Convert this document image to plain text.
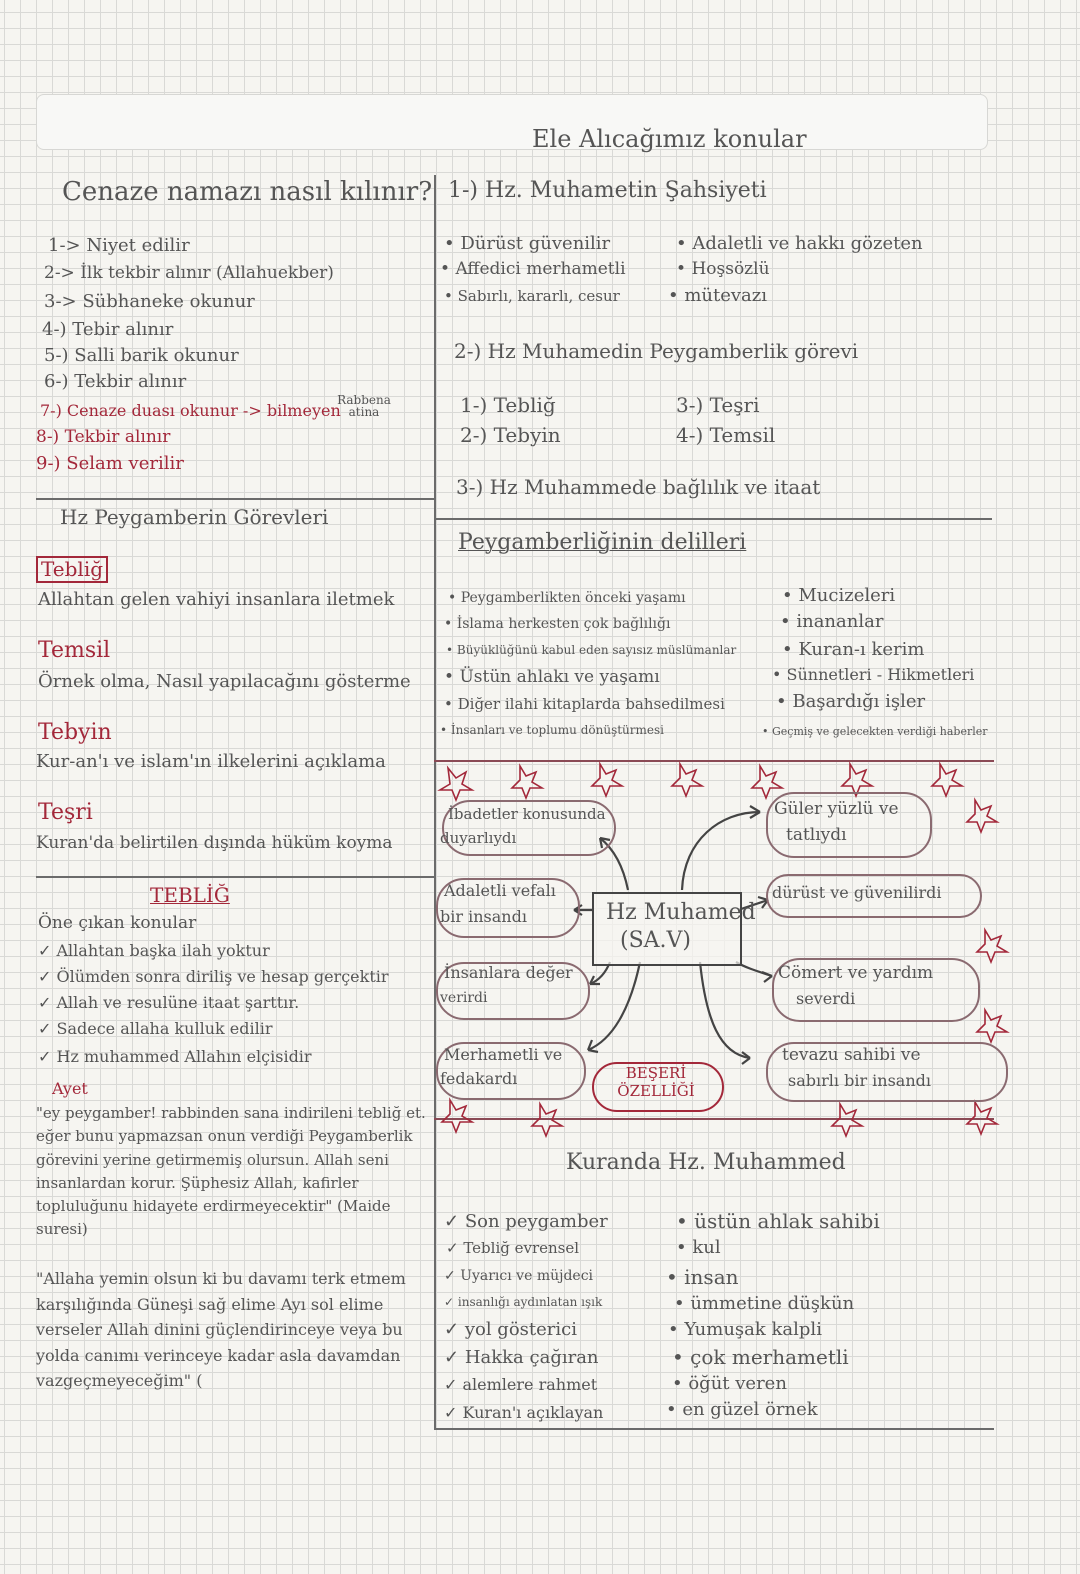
Ele Alıcağımız konular
Cenaze namazı nasıl kılınır?
1-> Niyet edilir
2-> İlk tekbir alınır (Allahuekber)
3-> Sübhaneke okunur
4-) Tebir alınır
5-) Salli barik okunur
6-) Tekbir alınır
7-) Cenaze duası okunur -> bilmeyen
Rabbena atina
8-) Tekbir alınır
9-) Selam verilir
Hz Peygamberin Görevleri
Tebliğ
Allahtan gelen vahiyi insanlara iletmek
Temsil
Örnek olma, Nasıl yapılacağını gösterme
Tebyin
Kur-an'ı ve islam'ın ilkelerini açıklama
Teşri
Kuran'da belirtilen dışında hüküm koyma
TEBLİĞ
Öne çıkan konular
✓ Allahtan başka ilah yoktur
✓ Ölümden sonra diriliş ve hesap gerçektir
✓ Allah ve resulüne itaat şarttır.
✓ Sadece allaha kulluk edilir
✓ Hz muhammed Allahın elçisidir
Ayet
"ey peygamber! rabbinden sana indirileni tebliğ et. eğer bunu yapmazsan onun verdiği Peygamberlik görevini yerine getirmemiş olursun. Allah seni insanlardan korur. Şüphesiz Allah, kafirler topluluğunu hidayete erdirmeyecektir" (Maide suresi)
"Allaha yemin olsun ki bu davamı terk etmem karşılığında Güneşi sağ elime Ayı sol elime verseler Allah dinini güçlendirinceye veya bu yolda canımı verinceye kadar asla davamdan vazgeçmeyeceğim" (
1-) Hz. Muhametin Şahsiyeti
• Dürüst güvenilir
• Affedici merhametli
• Sabırlı, kararlı, cesur
• Adaletli ve hakkı gözeten
• Hoşsözlü
• mütevazı
2-) Hz Muhamedin Peygamberlik görevi
1-) Tebliğ
2-) Tebyin
3-) Teşri
4-) Temsil
3-) Hz Muhammede bağlılık ve itaat
Peygamberliğinin delilleri
• Peygamberlikten önceki yaşamı
• İslama herkesten çok bağlılığı
• Büyüklüğünü kabul eden sayısız müslümanlar
• Üstün ahlakı ve yaşamı
• Diğer ilahi kitaplarda bahsedilmesi
• İnsanları ve toplumu dönüştürmesi
• Mucizeleri
• inananlar
• Kuran-ı kerim
• Sünnetleri - Hikmetleri
• Başardığı işler
• Geçmiş ve gelecekten verdiği haberler
İbadetler konusunda
duyarlıydı
Adaletli vefalı
bir insandı
İnsanlara değer
verirdi
Merhametli ve
fedakardı
Hz Muhamed
(SA.V)
Güler yüzlü ve
tatlıydı
dürüst ve güvenilirdi
Cömert ve yardım
severdi
tevazu sahibi ve
sabırlı bir insandı
BEŞERİ ÖZELLİĞİ
Kuranda Hz. Muhammed
✓ Son peygamber
✓ Tebliğ evrensel
✓ Uyarıcı ve müjdeci
✓ insanlığı aydınlatan ışık
✓ yol gösterici
✓ Hakka çağıran
✓ alemlere rahmet
✓ Kuran'ı açıklayan
• üstün ahlak sahibi
• kul
• insan
• ümmetine düşkün
• Yumuşak kalpli
• çok merhametli
• öğüt veren
• en güzel örnek
